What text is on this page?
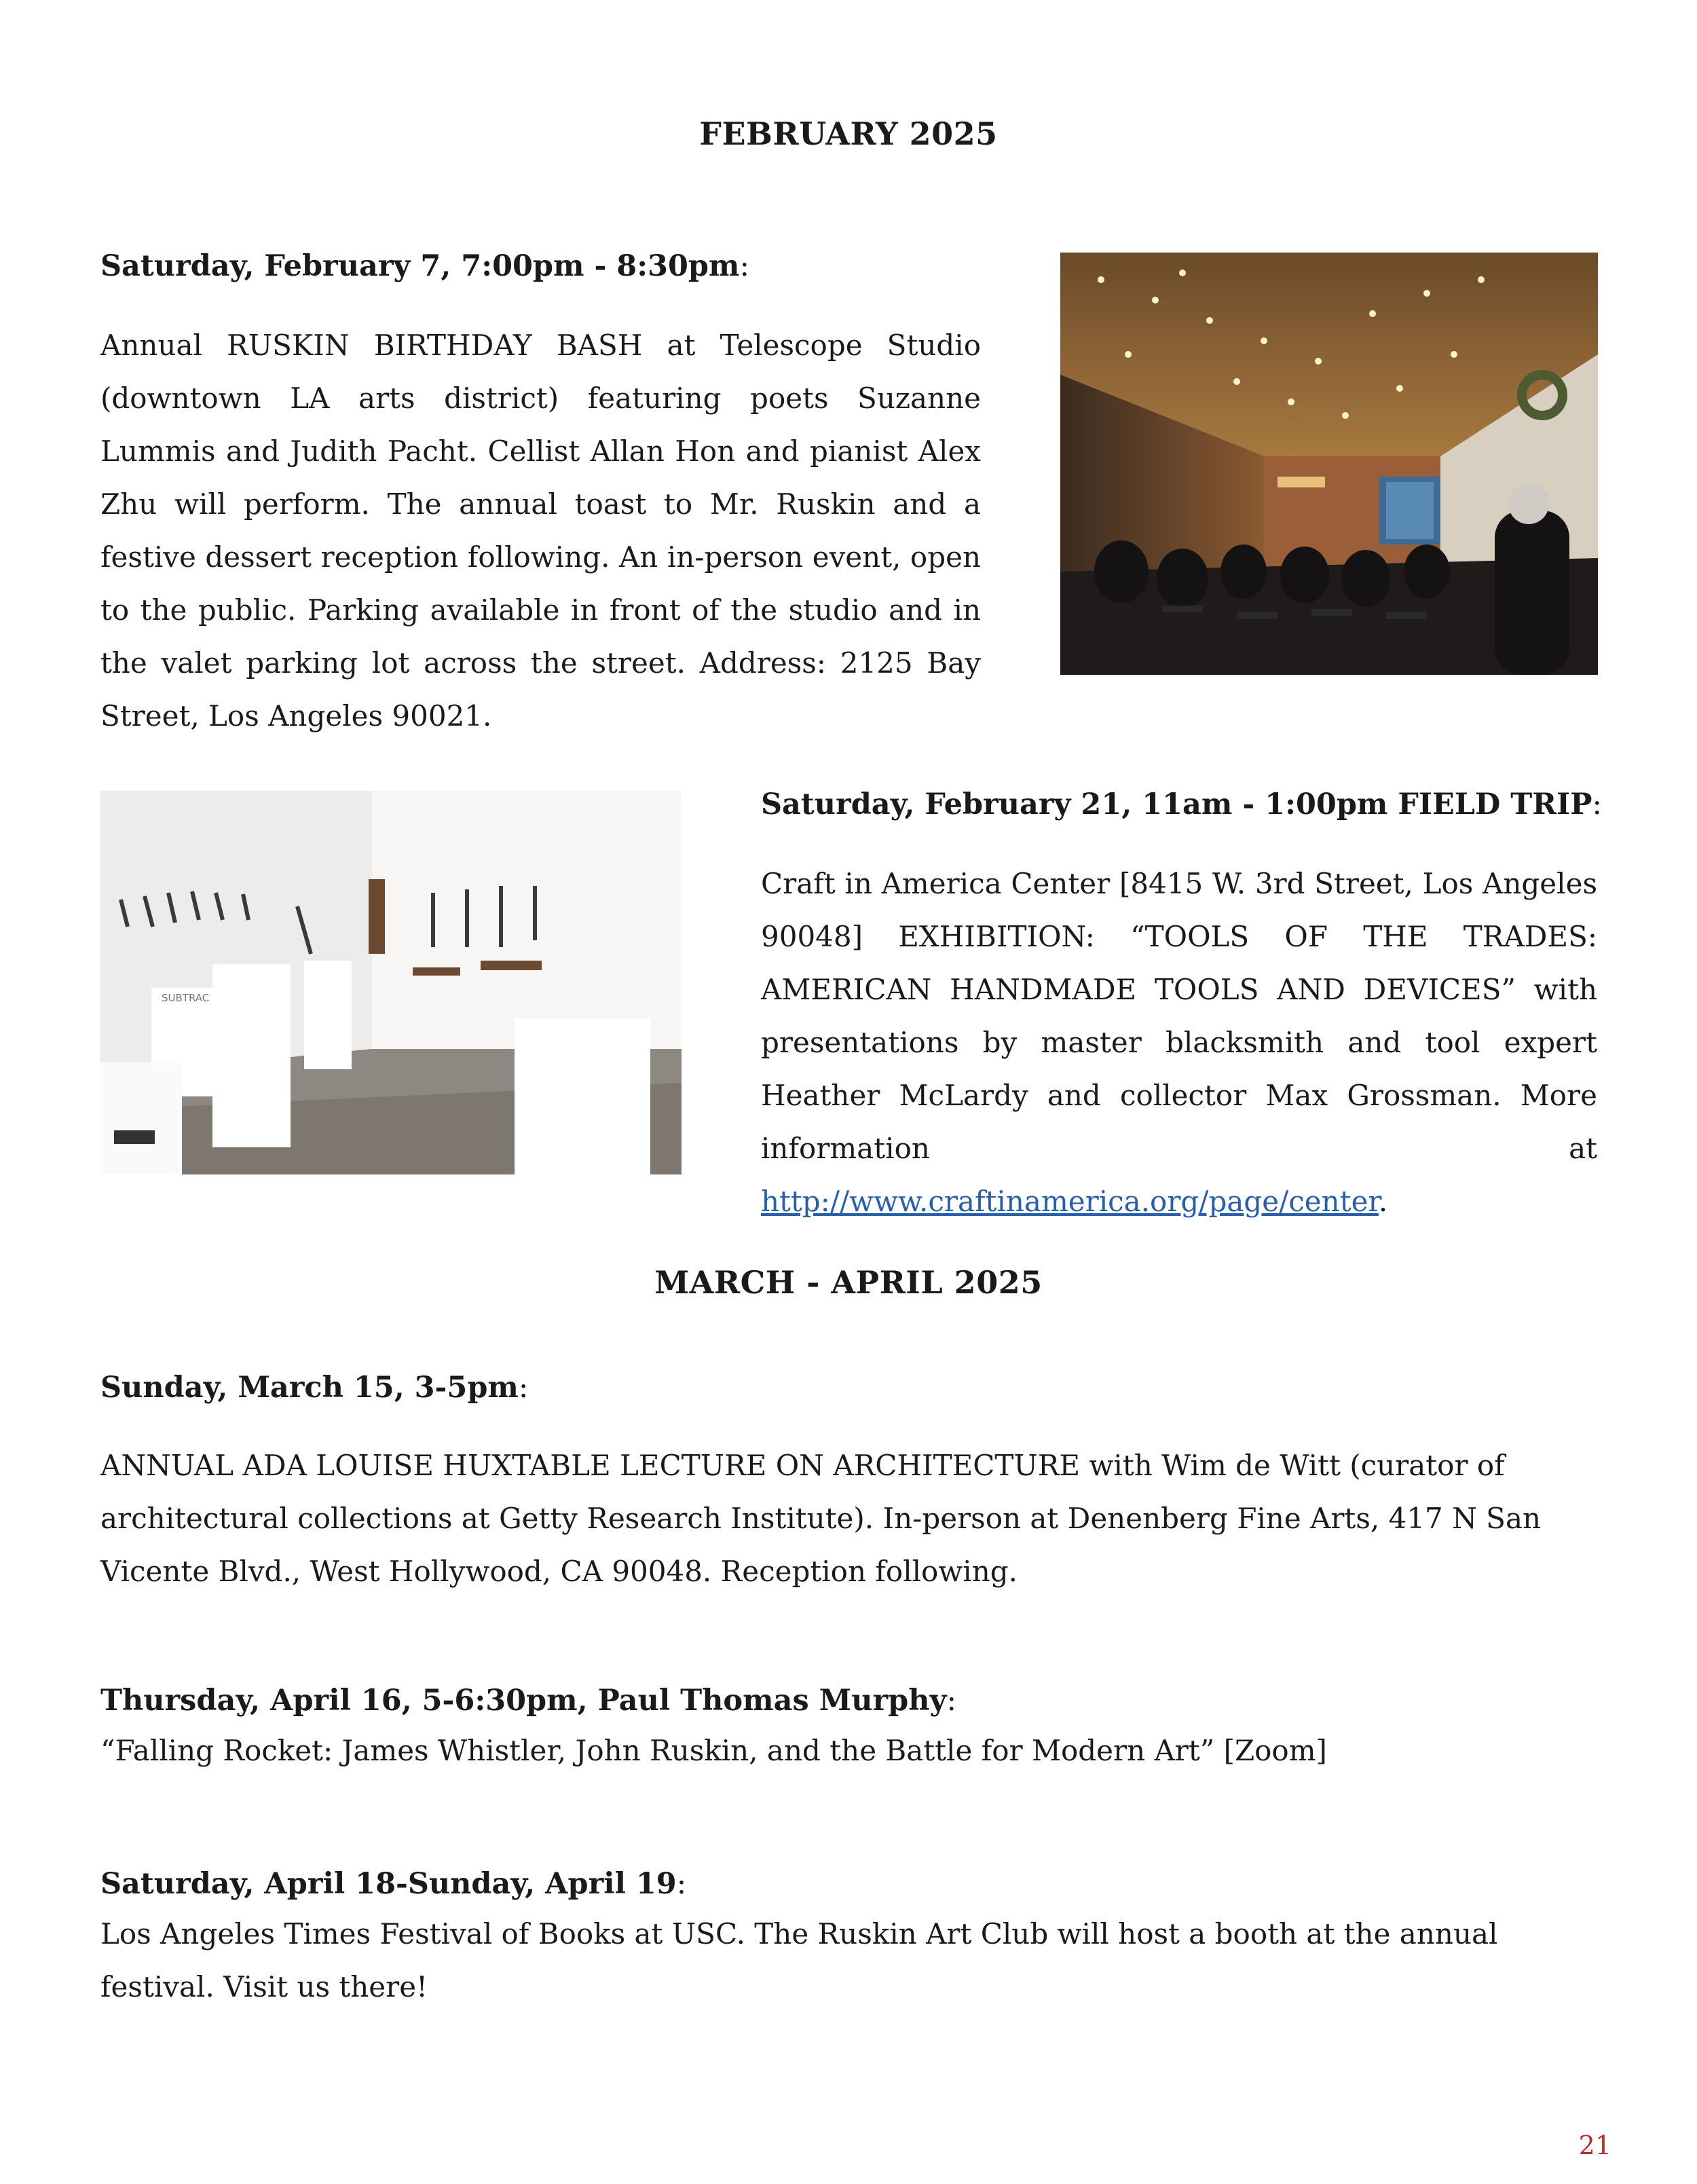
FEBRUARY 2025
Saturday, February 7, 7:00pm - 8:30pm:
Annual RUSKIN BIRTHDAY BASH at Telescope Studio (downtown LA arts district) featuring poets Suzanne Lummis and Judith Pacht. Cellist Allan Hon and pianist Alex Zhu will perform. The annual toast to Mr. Ruskin and a festive dessert reception following. An in-person event, open to the public. Parking available in front of the studio and in the valet parking lot across the street. Address: 2125 Bay Street, Los Angeles 90021.
SUBTRAC
Saturday, February 21, 11am - 1:00pm FIELD TRIP:
Craft in America Center [8415 W. 3rd Street, Los Angeles 90048] EXHIBITION: “TOOLS OF THE TRADES: AMERICAN HANDMADE TOOLS AND DEVICES” with presentations by master blacksmith and tool expert Heather McLardy and collector Max Grossman. More information at http://www.craftinamerica.org/page/center.
MARCH - APRIL 2025
Sunday, March 15, 3-5pm:
ANNUAL ADA LOUISE HUXTABLE LECTURE ON ARCHITECTURE with Wim de Witt (curator of architectural collections at Getty Research Institute). In-person at Denenberg Fine Arts, 417 N San Vicente Blvd., West Hollywood, CA 90048. Reception following.
Thursday, April 16, 5-6:30pm, Paul Thomas Murphy:
“Falling Rocket: James Whistler, John Ruskin, and the Battle for Modern Art” [Zoom]
Saturday, April 18-Sunday, April 19:
Los Angeles Times Festival of Books at USC. The Ruskin Art Club will host a booth at the annual festival. Visit us there!
21
